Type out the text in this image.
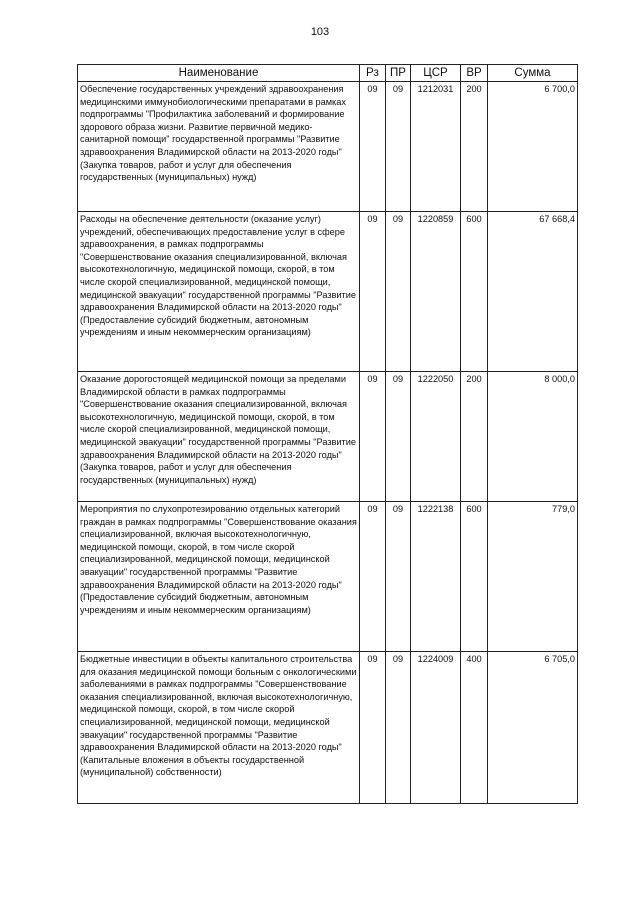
103
Наименование	Рз	ПР	ЦСР	ВР	Сумма
Обеспечение государственных учреждений здравоохранения медицинскими иммунобиологическими препаратами в рамках подпрограммы "Профилактика заболеваний и формирование здорового образа жизни. Развитие первичной медико-санитарной помощи" государственной программы "Развитие здравоохранения Владимирской области на 2013-2020 годы" (Закупка товаров, работ и услуг для обеспечения государственных (муниципальных) нужд)	09	09	1212031	200	6 700,0
Расходы на обеспечение деятельности (оказание услуг) учреждений, обеспечивающих предоставление услуг в сфере здравоохранения, в рамках подпрограммы "Совершенствование оказания специализированной, включая высокотехнологичную, медицинской помощи, скорой, в том числе скорой специализированной, медицинской помощи, медицинской эвакуации" государственной программы "Развитие здравоохранения Владимирской области на 2013-2020 годы" (Предоставление субсидий бюджетным, автономным учреждениям и иным некоммерческим организациям)	09	09	1220859	600	67 668,4
Оказание дорогостоящей медицинской помощи за пределами Владимирской области в рамках подпрограммы "Совершенствование оказания специализированной, включая высокотехнологичную, медицинской помощи, скорой, в том числе скорой специализированной, медицинской помощи, медицинской эвакуации" государственной программы "Развитие здравоохранения Владимирской области на 2013-2020 годы" (Закупка товаров, работ и услуг для обеспечения государственных (муниципальных) нужд)	09	09	1222050	200	8 000,0
Мероприятия по слухопротезированию отдельных категорий граждан в рамках подпрограммы "Совершенствование оказания специализированной, включая высокотехнологичную, медицинской помощи, скорой, в том числе скорой специализированной, медицинской помощи, медицинской эвакуации" государственной программы "Развитие здравоохранения Владимирской области на 2013-2020 годы" (Предоставление субсидий бюджетным, автономным учреждениям и иным некоммерческим организациям)	09	09	1222138	600	779,0
Бюджетные инвестиции в объекты капитального строительства для оказания медицинской помощи больным с онкологическими заболеваниями в рамках подпрограммы "Совершенствование оказания специализированной, включая высокотехнологичную, медицинской помощи, скорой, в том числе скорой специализированной, медицинской помощи, медицинской эвакуации" государственной программы "Развитие здравоохранения Владимирской области на 2013-2020 годы" (Капитальные вложения в объекты государственной (муниципальной) собственности)	09	09	1224009	400	6 705,0
